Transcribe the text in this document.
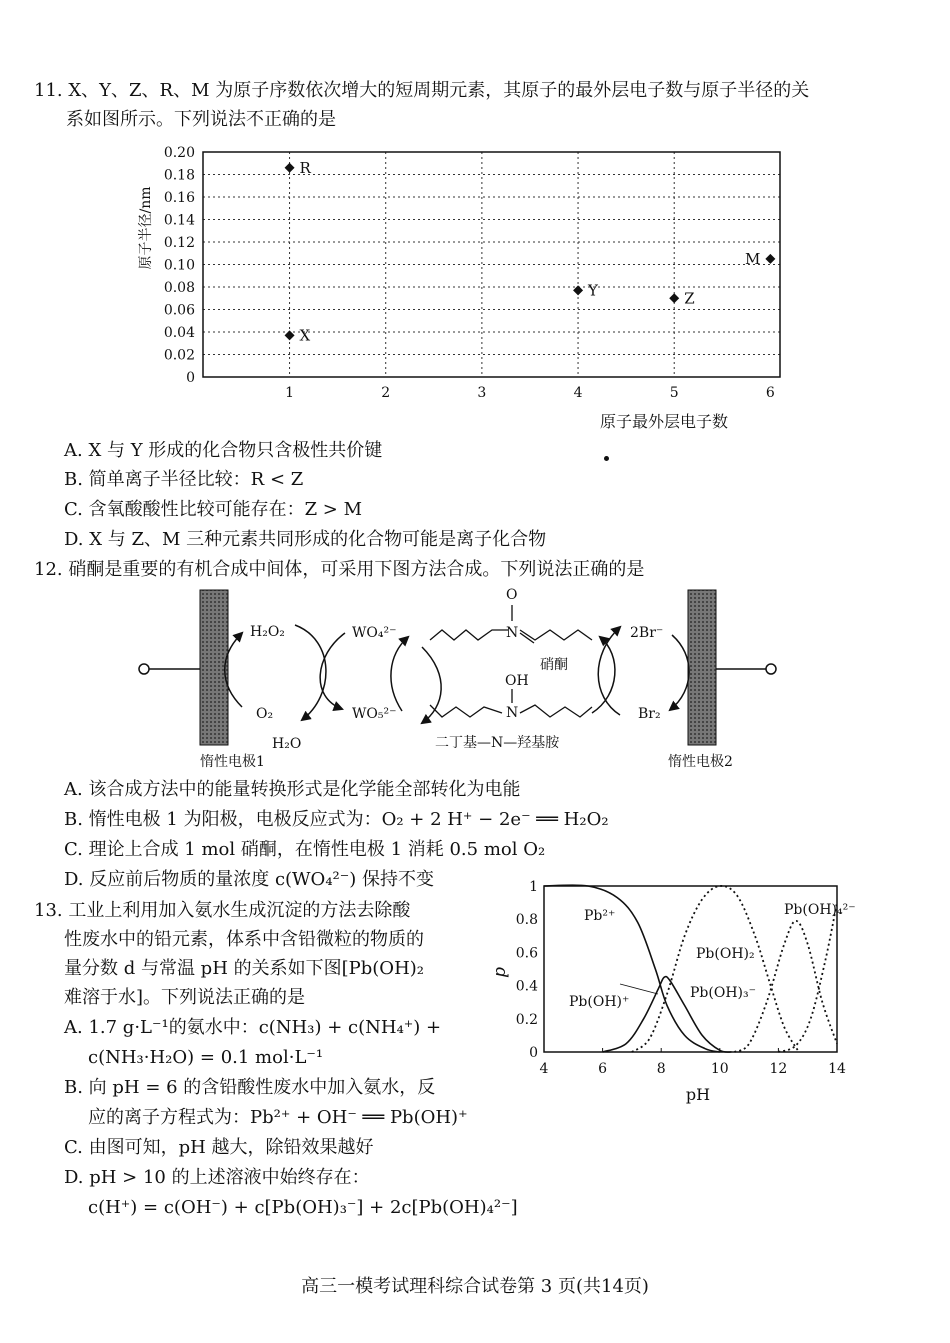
11. X、Y、Z、R、M 为原子序数依次增大的短周期元素，其原子的最外层电子数与原子半径的关
系如图所示。下列说法不正确的是
0
0.02
0.04
0.06
0.08
0.10
0.12
0.14
0.16
0.18
0.20
1	2	3	4	5	6
R
X
Y	Z
M
原子半径/nm
原子最外层电子数
A. X 与 Y 形成的化合物只含极性共价键
B. 简单离子半径比较：R < Z
C. 含氧酸酸性比较可能存在：Z > M
D. X 与 Z、M 三种元素共同形成的化合物可能是离子化合物
12. 硝酮是重要的有机合成中间体，可采用下图方法合成。下列说法正确的是
惰性电极1	惰性电极2
H₂O₂
O₂
H₂O
WO₄²⁻
WO₅²⁻
N
O
硝酮
OH
N
二丁基—N—羟基胺
2Br⁻
Br₂
A. 该合成方法中的能量转换形式是化学能全部转化为电能
B. 惰性电极 1 为阳极，电极反应式为：O₂ + 2 H⁺ − 2e⁻ ══ H₂O₂
C. 理论上合成 1 mol 硝酮，在惰性电极 1 消耗 0.5 mol O₂
D. 反应前后物质的量浓度 c(WO₄²⁻) 保持不变
13. 工业上利用加入氨水生成沉淀的方法去除酸
性废水中的铅元素，体系中含铅微粒的物质的
量分数 d 与常温 pH 的关系如下图[Pb(OH)₂
难溶于水]。下列说法正确的是
A. 1.7 g·L⁻¹的氨水中：c(NH₃) + c(NH₄⁺) +
c(NH₃·H₂O) = 0.1 mol·L⁻¹
B. 向 pH = 6 的含铅酸性废水中加入氨水，反
应的离子方程式为：Pb²⁺ + OH⁻ ══ Pb(OH)⁺
C. 由图可知，pH 越大，除铅效果越好
D. pH > 10 的上述溶液中始终存在：
c(H⁺) = c(OH⁻) + c[Pb(OH)₃⁻] + 2c[Pb(OH)₄²⁻]
0
0.2
0.4
0.6
0.8
1
4	6	8	10	12	14
d
pH
Pb²⁺
Pb(OH)⁺
Pb(OH)₂
Pb(OH)₃⁻
Pb(OH)₄²⁻
高三一模考试理科综合试卷第 3 页(共14页)
